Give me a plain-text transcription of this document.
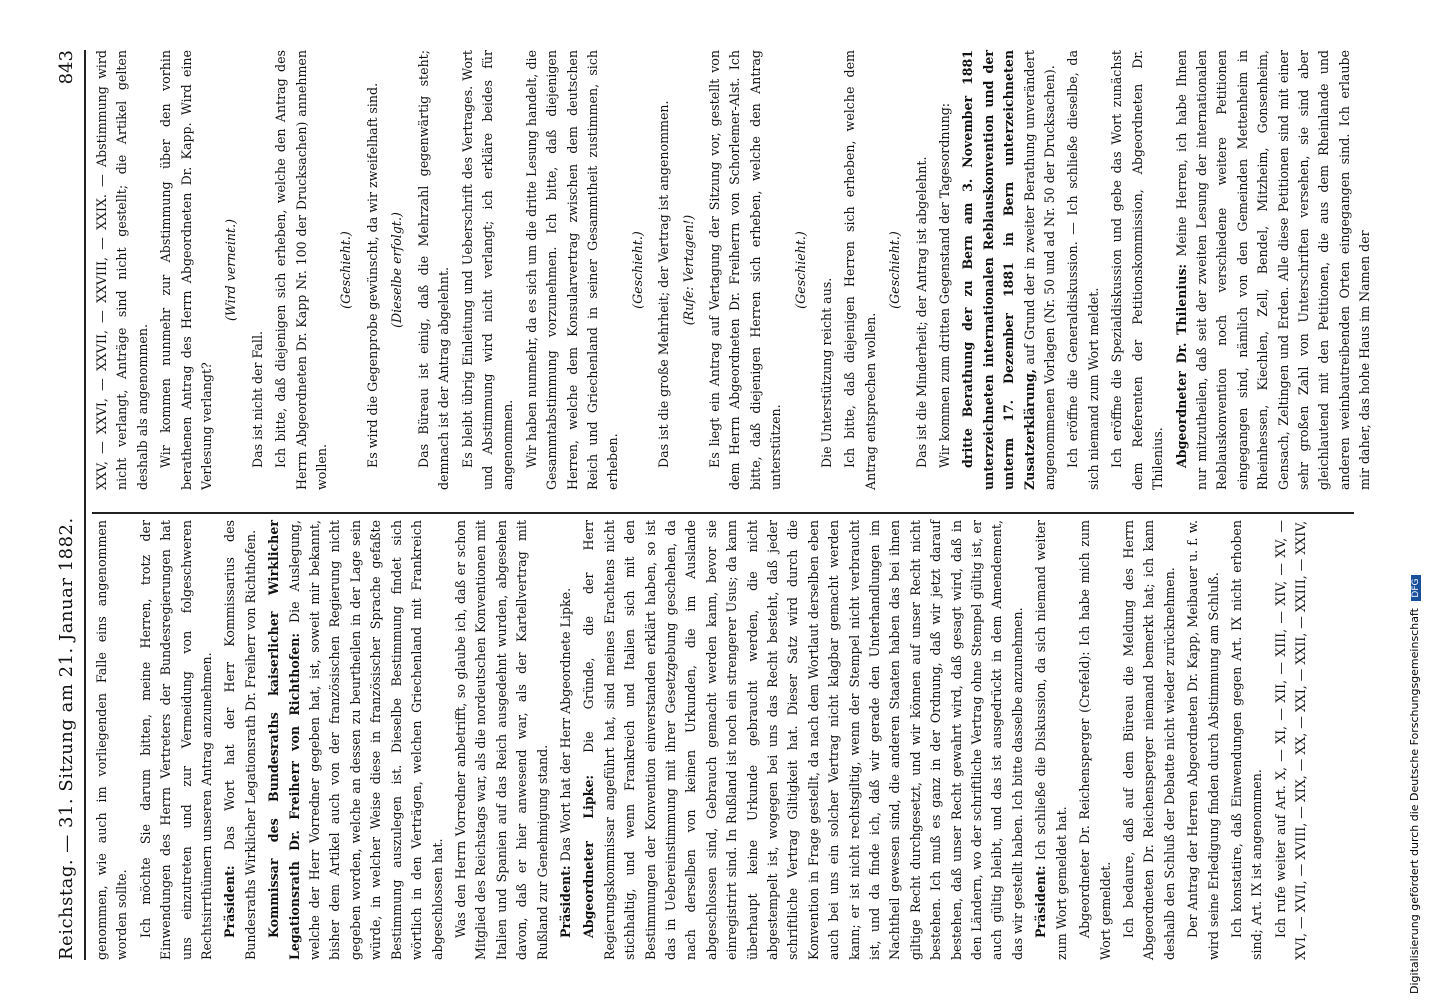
Reichstag. — 31. Sitzung am 21. Januar 1882.
843

genommen, wie auch im vorliegenden Falle eins angenommen worden sollte. Ich möchte Sie darum bitten, meine Herren, trotz der Einwendungen des Herrn Vertreters der Bundesregierungen hat uns einzutreten und zur Vermeidung von folgeschweren Rechtsirrthümern unseren Antrag anzunehmen. Präsident: Das Wort hat der Herr Kommissarius des Bundesraths Wirklicher Legationsrath Dr. Freiherr von Richthofen. Kommissar des Bundesraths kaiserlicher Wirklicher Legationsrath Dr. Freiherr von Richthofen: Die Auslegung, welche der Herr Vorredner gegeben hat, ist, soweit mir bekannt, bisher dem Artikel auch von der französischen Regierung nicht gegeben worden, welche an dessen zu beurtheilen in der Lage sein würde, in welcher Weise diese in französischer Sprache gefaßte Bestimmung auszulegen ist. Dieselbe Bestimmung findet sich wörtlich in den Verträgen, welchen Griechenland mit Frankreich abgeschlossen hat. Was den Herrn Vorredner anbetrifft, so glaube ich, daß er schon Mitglied des Reichstags war, als die nordeutschen Konventionen mit Italien und Spanien auf das Reich ausgedehnt wurden, abgesehen davon, daß er hier anwesend war, als der Kartellvertrag mit Rußland zur Genehmigung stand. Präsident: Das Wort hat der Herr Abgeordnete Lipke. Abgeordneter Lipke: Die Gründe, die der Herr Regierungskommissar angeführt hat, sind meines Erachtens nicht stichhaltig, und wenn Frankreich und Italien sich mit den Bestimmungen der Konvention einverstanden erklärt haben, so ist das in Uebereinstimmung mit ihrer Gesetzgebung geschehen, da nach derselben von keinen Urkunden, die im Auslande abgeschlossen sind, Gebrauch gemacht werden kann, bevor sie einregistrirt sind. In Rußland ist noch ein strengerer Usus; da kann überhaupt keine Urkunde gebraucht werden, die nicht abgestempelt ist, wogegen bei uns das Recht besteht, daß jeder schriftliche Vertrag Giltigkeit hat. Dieser Satz wird durch die Konvention in Frage gestellt, da nach dem Wortlaut derselben eben auch bei uns ein solcher Vertrag nicht klagbar gemacht werden kann; er ist nicht rechtsgiltig, wenn der Stempel nicht verbraucht ist, und da finde ich, daß wir gerade den Unterhandlungen im Nachtheil gewesen sind, die anderen Staaten haben das bei ihnen giltige Recht durchgesetzt, und wir können auf unser Recht nicht bestehen. Ich muß es ganz in der Ordnung, daß wir jetzt darauf bestehen, daß unser Recht gewahrt wird, daß gesagt wird, daß in den Ländern, wo der schriftliche Vertrag ohne Stempel gültig ist, er auch gültig bleibt, und das ist ausgedrückt in dem Amendement, das wir gestellt haben. Ich bitte dasselbe anzunehmen. Präsident: Ich schließe die Diskussion, da sich niemand weiter zum Wort gemeldet hat. Abgeordneter Dr. Reichensperger (Crefeld): Ich habe mich zum Wort gemeldet. Ich bedaure, daß auf dem Büreau die Meldung des Herrn Abgeordneten Dr. Reichensperger niemand bemerkt hat; ich kann deshalb den Schluß der Debatte nicht wieder zurücknehmen. Der Antrag der Herren Abgeordneten Dr. Kapp, Meibauer u. f. w. wird seine Erledigung finden durch Abstimmung am Schluß. Ich konstatire, daß Einwendungen gegen Art. IX nicht erhoben sind; Art. IX ist angenommen. Ich rufe weiter auf Art. X, — XI, — XII, — XIII, — XIV, — XV, — XVI, — XVII, — XVIII, — XIX, — XX, — XXI, — XXII, — XXIII, — XXIV,

XXV, — XXVI, — XXVII, — XXVIII, — XXIX. — Abstimmung wird nicht verlangt, Anträge sind nicht gestellt; die Artikel gelten deshalb als angenommen. Wir kommen nunmehr zur Abstimmung über den vorhin berathenen Antrag des Herrn Abgeordneten Dr. Kapp. Wird eine Verlesung verlangt?

(Wird verneint.)

Das ist nicht der Fall. Ich bitte, daß diejenigen sich erheben, welche den Antrag des Herrn Abgeordneten Dr. Kapp Nr. 100 der Drucksachen) annehmen wollen.

(Geschieht.) Es wird die Gegenprobe gewünscht, da wir zweifelhaft sind. (Dieselbe erfolgt.) Das Büreau ist einig, daß die Mehrzahl gegenwärtig steht; demnach ist der Antrag abgelehnt. Es bleibt übrig Einleitung und Ueberschrift des Vertrages. Wort und Abstimmung wird nicht verlangt; ich erkläre beides für angenommen. Wir haben nunmehr, da es sich um die dritte Lesung handelt, die Gesammtabstimmung vorzunehmen. Ich bitte, daß diejenigen Herren, welche dem Konsularvertrag zwischen dem deutschen Reich und Griechenland in seiner Gesammtheit zustimmen, sich erheben.

(Geschieht.) Das ist die große Mehrheit; der Vertrag ist angenommen. (Rufe: Vertagen!) Es liegt ein Antrag auf Vertagung der Sitzung vor, gestellt von dem Herrn Abgeordneten Dr. Freiherrn von Schorlemer-Alst. Ich bitte, daß diejenigen Herren sich erheben, welche den Antrag unterstützen.

(Geschieht.)

Die Unterstützung reicht aus. Ich bitte, daß diejenigen Herren sich erheben, welche dem Antrag entsprechen wollen.

(Geschieht.) Das ist die Minderheit; der Antrag ist abgelehnt. Wir kommen zum dritten Gegenstand der Tagesordnung: dritte Berathung der zu Bern am 3. November 1881 unterzeichneten internationalen Reblauskonvention und der unterm 17. Dezember 1881 in Bern unterzeichneten Zusatzerklärung, auf Grund der in zweiter Berathung unverändert angenommenen Vorlagen (Nr. 50 und ad Nr. 50 der Drucksachen). Ich eröffne die Generaldiskussion. — Ich schließe dieselbe, da sich niemand zum Wort meldet. Ich eröffne die Spezialdiskussion und gebe das Wort zunächst dem Referenten der Petitionskommission, Abgeordneten Dr. Thilenius. Abgeordneter Dr. Thilenius: Meine Herren, ich habe Ihnen nur mitzutheilen, daß seit der zweiten Lesung der internationalen Reblauskonvention noch verschiedene weitere Petitionen eingegangen sind, nämlich von den Gemeinden Mettenheim in Rheinhessen, Kiechlen, Zell, Bendel, Mitzheim, Gonsenheim, Gensach, Zeltingen und Erden. Alle diese Petitionen sind mit einer sehr großen Zahl von Unterschriften versehen, sie sind aber gleichlautend mit den Petitionen, die aus dem Rheinlande und anderen weinbautreibenden Orten eingegangen sind. Ich erlaube mir daher, das hohe Haus im Namen der

Digitalisierung gefördert durch die Deutsche Forschungsgemeinschaft DFG
